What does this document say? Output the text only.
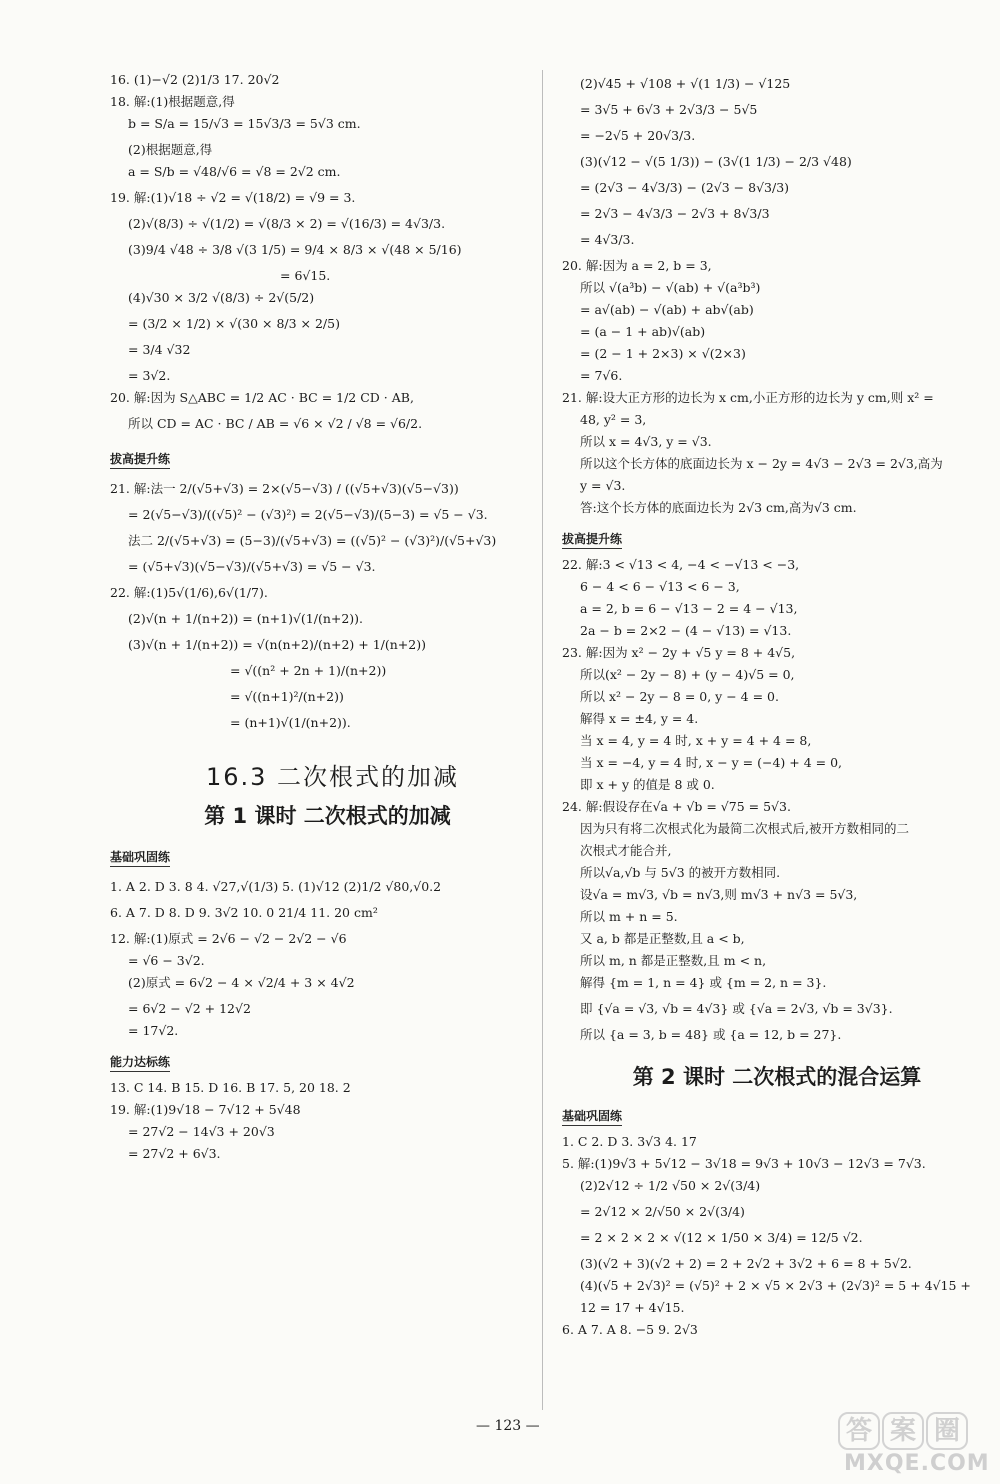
16. (1)−√2 (2)1/3 17. 20√2

18. 解:(1)根据题意,得

b = S/a = 15/√3 = 15√3/3 = 5√3 cm.

(2)根据题意,得

a = S/b = √48/√6 = √8 = 2√2 cm.

19. 解:(1)√18 ÷ √2 = √(18/2) = √9 = 3.

(2)√(8/3) ÷ √(1/2) = √(8/3 × 2) = √(16/3) = 4√3/3.

(3)9/4 √48 ÷ 3/8 √(3 1/5) = 9/4 × 8/3 × √(48 × 5/16)

= 6√15.

(4)√30 × 3/2 √(8/3) ÷ 2√(5/2)

= (3/2 × 1/2) × √(30 × 8/3 × 2/5)

= 3/4 √32

= 3√2.

20. 解:因为 S△ABC = 1/2 AC · BC = 1/2 CD · AB,

所以 CD = AC · BC / AB = √6 × √2 / √8 = √6/2.

拔高提升练

21. 解:法一 2/(√5+√3) = 2×(√5−√3) / ((√5+√3)(√5−√3))

= 2(√5−√3)/((√5)² − (√3)²) = 2(√5−√3)/(5−3) = √5 − √3.

法二 2/(√5+√3) = (5−3)/(√5+√3) = ((√5)² − (√3)²)/(√5+√3)

= (√5+√3)(√5−√3)/(√5+√3) = √5 − √3.

22. 解:(1)5√(1/6),6√(1/7).

(2)√(n + 1/(n+2)) = (n+1)√(1/(n+2)).

(3)√(n + 1/(n+2)) = √(n(n+2)/(n+2) + 1/(n+2))

= √((n² + 2n + 1)/(n+2))

= √((n+1)²/(n+2))

= (n+1)√(1/(n+2)).

16.3 二次根式的加减
第 1 课时 二次根式的加减
基础巩固练

1. A 2. D 3. 8 4. √27,√(1/3) 5. (1)√12 (2)1/2 √80,√0.2

6. A 7. D 8. D 9. 3√2 10. 0 21/4 11. 20 cm²

12. 解:(1)原式 = 2√6 − √2 − 2√2 − √6

= √6 − 3√2.

(2)原式 = 6√2 − 4 × √2/4 + 3 × 4√2

= 6√2 − √2 + 12√2

= 17√2.

能力达标练

13. C 14. B 15. D 16. B 17. 5, 20 18. 2

19. 解:(1)9√18 − 7√12 + 5√48

= 27√2 − 14√3 + 20√3

= 27√2 + 6√3.

(2)√45 + √108 + √(1 1/3) − √125

= 3√5 + 6√3 + 2√3/3 − 5√5

= −2√5 + 20√3/3.

(3)(√12 − √(5 1/3)) − (3√(1 1/3) − 2/3 √48)

= (2√3 − 4√3/3) − (2√3 − 8√3/3)

= 2√3 − 4√3/3 − 2√3 + 8√3/3

= 4√3/3.

20. 解:因为 a = 2, b = 3,

所以 √(a³b) − √(ab) + √(a³b³)

= a√(ab) − √(ab) + ab√(ab)

= (a − 1 + ab)√(ab)

= (2 − 1 + 2×3) × √(2×3)

= 7√6.

21. 解:设大正方形的边长为 x cm,小正方形的边长为 y cm,则 x² =

48, y² = 3,

所以 x = 4√3, y = √3.

所以这个长方体的底面边长为 x − 2y = 4√3 − 2√3 = 2√3,高为

y = √3.

答:这个长方体的底面边长为 2√3 cm,高为√3 cm.

拔高提升练

22. 解:3 < √13 < 4, −4 < −√13 < −3,

6 − 4 < 6 − √13 < 6 − 3,

a = 2, b = 6 − √13 − 2 = 4 − √13,

2a − b = 2×2 − (4 − √13) = √13.

23. 解:因为 x² − 2y + √5 y = 8 + 4√5,

所以(x² − 2y − 8) + (y − 4)√5 = 0,

所以 x² − 2y − 8 = 0, y − 4 = 0.

解得 x = ±4, y = 4.

当 x = 4, y = 4 时, x + y = 4 + 4 = 8,

当 x = −4, y = 4 时, x − y = (−4) + 4 = 0,

即 x + y 的值是 8 或 0.

24. 解:假设存在√a + √b = √75 = 5√3.

因为只有将二次根式化为最简二次根式后,被开方数相同的二

次根式才能合并,

所以√a,√b 与 5√3 的被开方数相同.

设√a = m√3, √b = n√3,则 m√3 + n√3 = 5√3,

所以 m + n = 5.

又 a, b 都是正整数,且 a < b,

所以 m, n 都是正整数,且 m < n,

解得 {m = 1, n = 4} 或 {m = 2, n = 3}.

即 {√a = √3, √b = 4√3} 或 {√a = 2√3, √b = 3√3}.

所以 {a = 3, b = 48} 或 {a = 12, b = 27}.

第 2 课时 二次根式的混合运算
基础巩固练

1. C 2. D 3. 3√3 4. 17

5. 解:(1)9√3 + 5√12 − 3√18 = 9√3 + 10√3 − 12√3 = 7√3.

(2)2√12 ÷ 1/2 √50 × 2√(3/4)

= 2√12 × 2/√50 × 2√(3/4)

= 2 × 2 × 2 × √(12 × 1/50 × 3/4) = 12/5 √2.

(3)(√2 + 3)(√2 + 2) = 2 + 2√2 + 3√2 + 6 = 8 + 5√2.

(4)(√5 + 2√3)² = (√5)² + 2 × √5 × 2√3 + (2√3)² = 5 + 4√15 +

12 = 17 + 4√15.

6. A 7. A 8. −5 9. 2√3

— 123 —	答 案 圈
MXQE.COM
